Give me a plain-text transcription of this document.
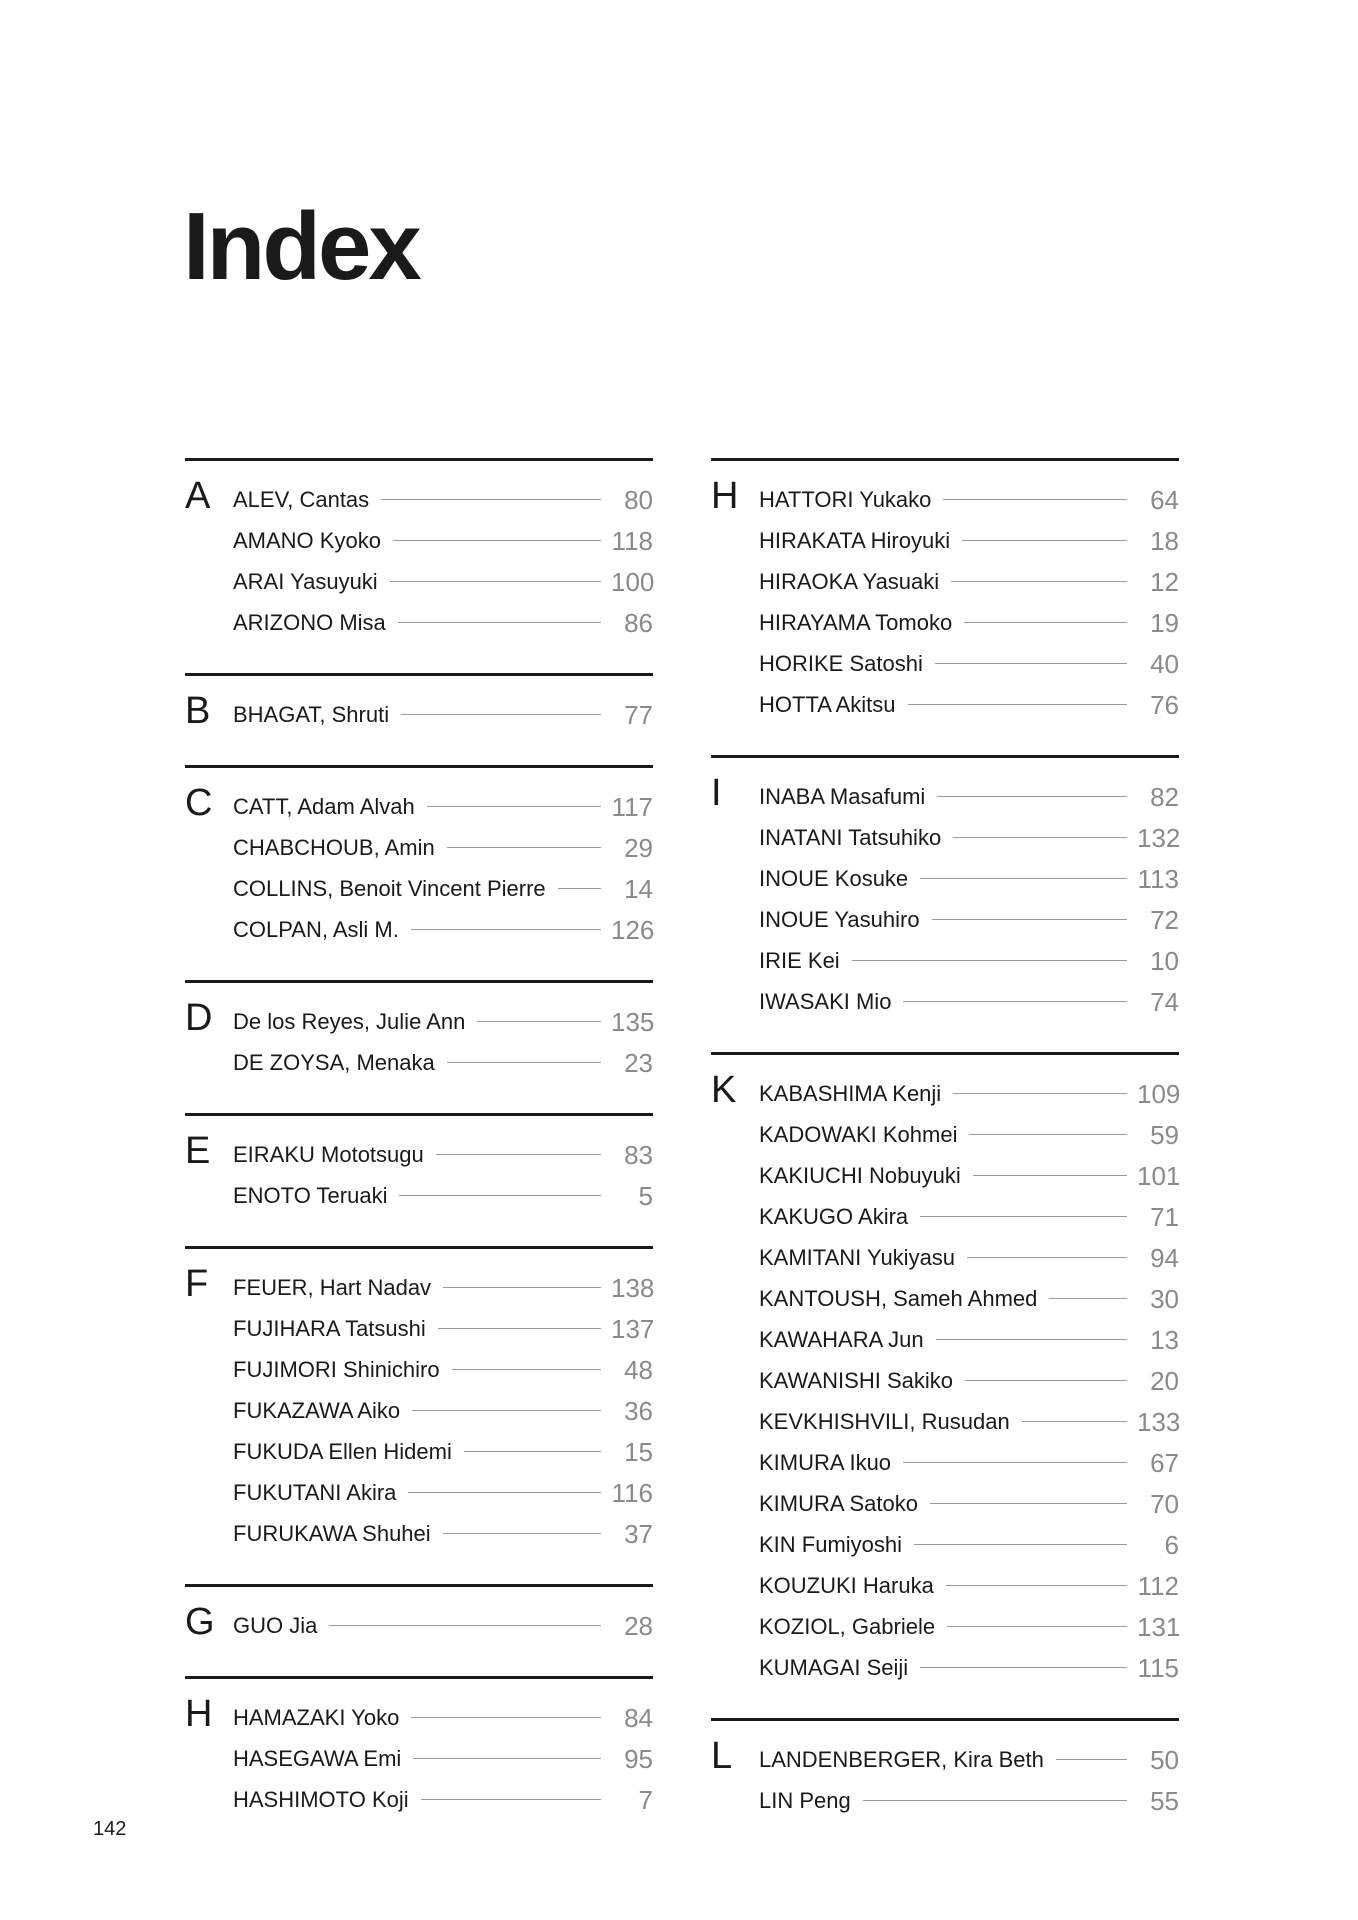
Index
A ALEV, Cantas	80
AMANO Kyoko	118
ARAI Yasuyuki	100
ARIZONO Misa	86
B BHAGAT, Shruti	77
C CATT, Adam Alvah	117
CHABCHOUB, Amin	29
COLLINS, Benoit Vincent Pierre	14
COLPAN, Asli M.	126
D De los Reyes, Julie Ann	135
DE ZOYSA, Menaka	23
E EIRAKU Mototsugu	83
ENOTO Teruaki	5
F FEUER, Hart Nadav	138
FUJIHARA Tatsushi	137
FUJIMORI Shinichiro	48
FUKAZAWA Aiko	36
FUKUDA Ellen Hidemi	15
FUKUTANI Akira	116
FURUKAWA Shuhei	37
G GUO Jia	28
H HAMAZAKI Yoko	84
HASEGAWA Emi	95
HASHIMOTO Koji	7
H HATTORI Yukako	64
HIRAKATA Hiroyuki	18
HIRAOKA Yasuaki	12
HIRAYAMA Tomoko	19
HORIKE Satoshi	40
HOTTA Akitsu	76
I INABA Masafumi	82
INATANI Tatsuhiko	132
INOUE Kosuke	113
INOUE Yasuhiro	72
IRIE Kei	10
IWASAKI Mio	74
K KABASHIMA Kenji	109
KADOWAKI Kohmei	59
KAKIUCHI Nobuyuki	101
KAKUGO Akira	71
KAMITANI Yukiyasu	94
KANTOUSH, Sameh Ahmed	30
KAWAHARA Jun	13
KAWANISHI Sakiko	20
KEVKHISHVILI, Rusudan	133
KIMURA Ikuo	67
KIMURA Satoko	70
KIN Fumiyoshi	6
KOUZUKI Haruka	112
KOZIOL, Gabriele	131
KUMAGAI Seiji	115
L LANDENBERGER, Kira Beth	50
LIN Peng	55
142
